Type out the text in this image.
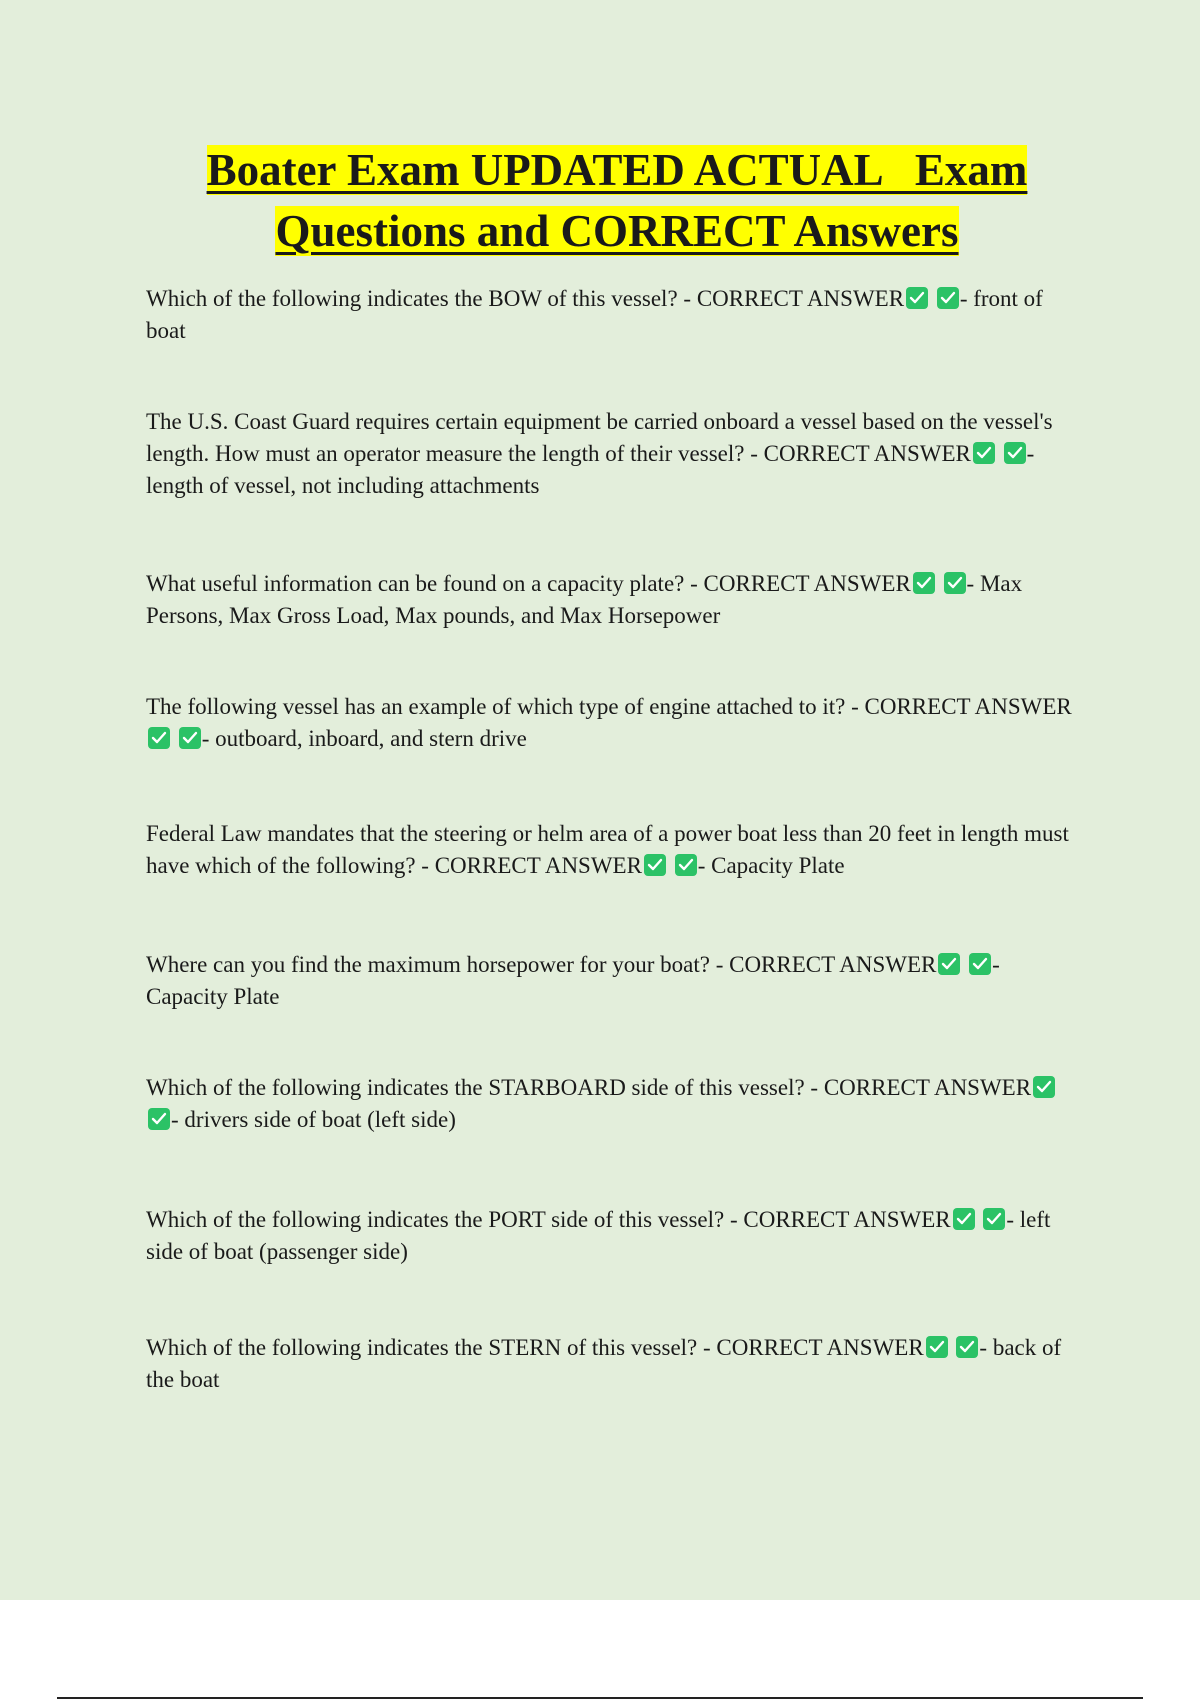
Boater Exam UPDATED ACTUAL   Exam
Questions and CORRECT Answers

Which of the following indicates the BOW of this vessel? - CORRECT ANSWER
- front of boat

The U.S. Coast Guard requires certain equipment be carried onboard a vessel based on the vessel's length. How must an operator measure the length of their vessel? - CORRECT ANSWER
- length of vessel, not including attachments

What useful information can be found on a capacity plate? - CORRECT ANSWER
- Max Persons, Max Gross Load, Max pounds, and Max Horsepower

The following vessel has an example of which type of engine attached to it? - CORRECT ANSWER

- outboard, inboard, and stern drive

Federal Law mandates that the steering or helm area of a power boat less than 20 feet in length must have which of the following? - CORRECT ANSWER
- Capacity Plate

Where can you find the maximum horsepower for your boat? - CORRECT ANSWER
- Capacity Plate

Which of the following indicates the STARBOARD side of this vessel? - CORRECT ANSWER

- drivers side of boat (left side)

Which of the following indicates the PORT side of this vessel? - CORRECT ANSWER
- left side of boat (passenger side)

Which of the following indicates the STERN of this vessel? - CORRECT ANSWER
- back of the boat
